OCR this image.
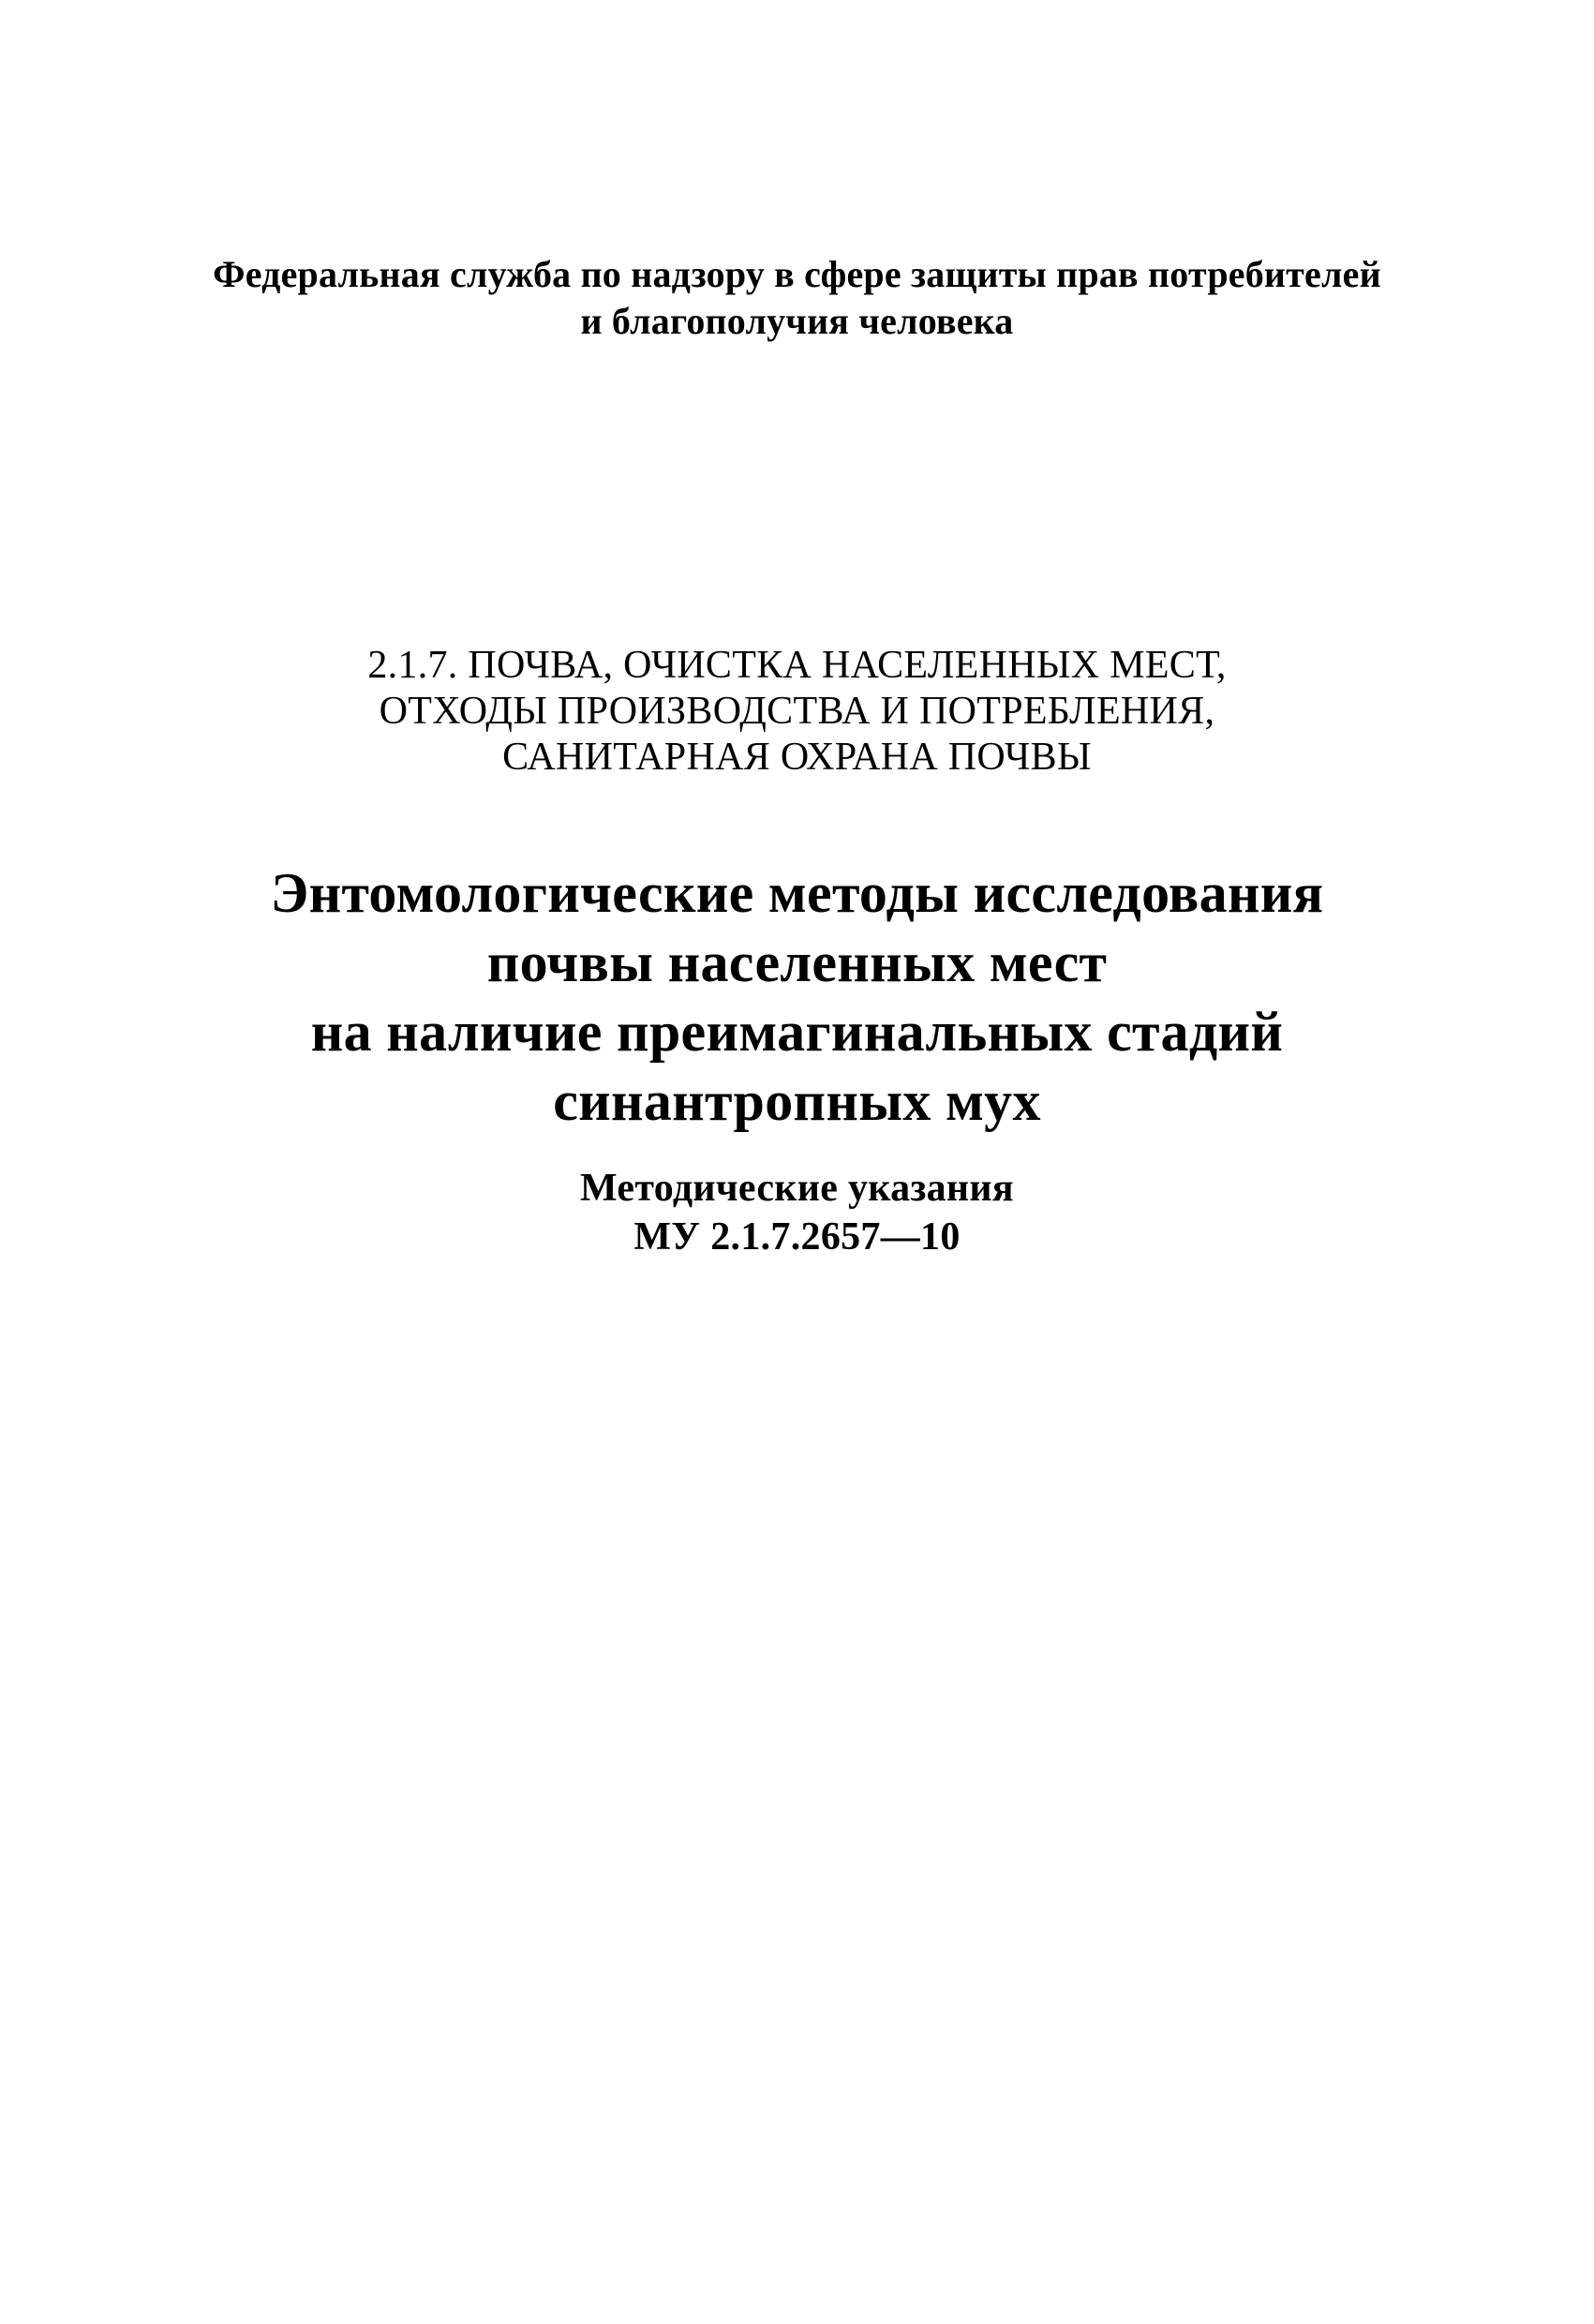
Федеральная служба по надзору в сфере защиты прав потребителей
и благополучия человека
2.1.7. ПОЧВА, ОЧИСТКА НАСЕЛЕННЫХ МЕСТ,
ОТХОДЫ ПРОИЗВОДСТВА И ПОТРЕБЛЕНИЯ,
САНИТАРНАЯ ОХРАНА ПОЧВЫ
Энтомологические методы исследования
почвы населенных мест
на наличие преимагинальных стадий
синантропных мух
Методические указания
МУ 2.1.7.2657—10
